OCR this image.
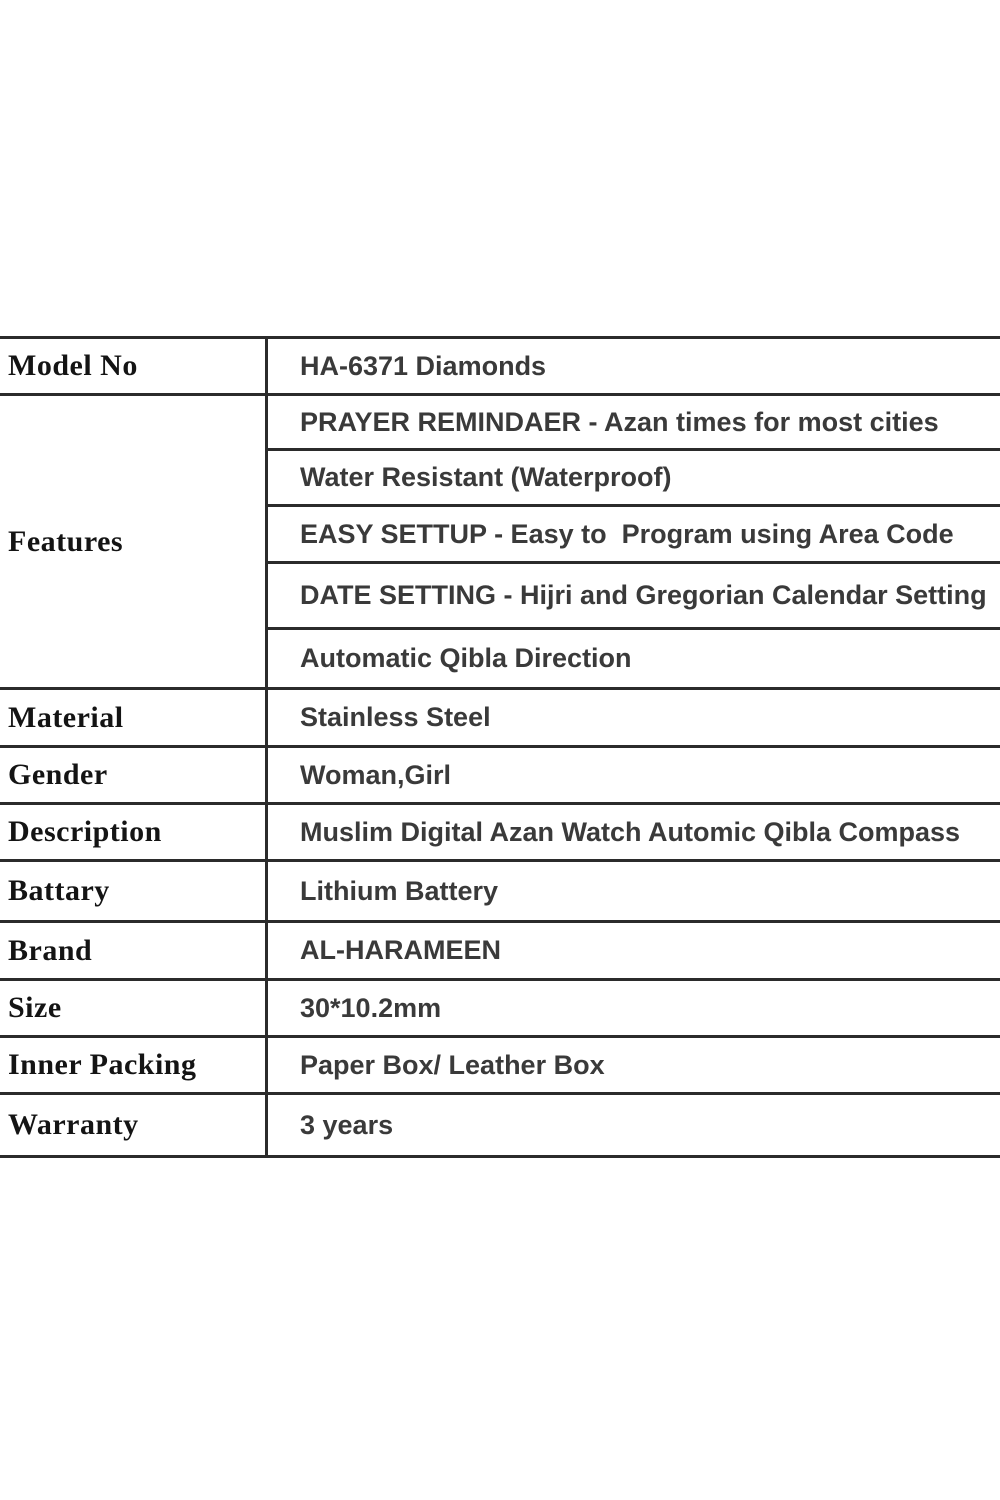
Model No	HA-6371 Diamonds
Features
PRAYER REMINDAER - Azan times for most cities
Water Resistant (Waterproof)
EASY SETTUP - Easy to  Program using Area Code
DATE SETTING - Hijri and Gregorian Calendar Setting
Automatic Qibla Direction
Material	Stainless Steel
Gender	Woman,Girl
Description	Muslim Digital Azan Watch Automic Qibla Compass
Battary	Lithium Battery
Brand	AL-HARAMEEN
Size	30*10.2mm
Inner Packing	Paper Box/ Leather Box
Warranty	3 years
